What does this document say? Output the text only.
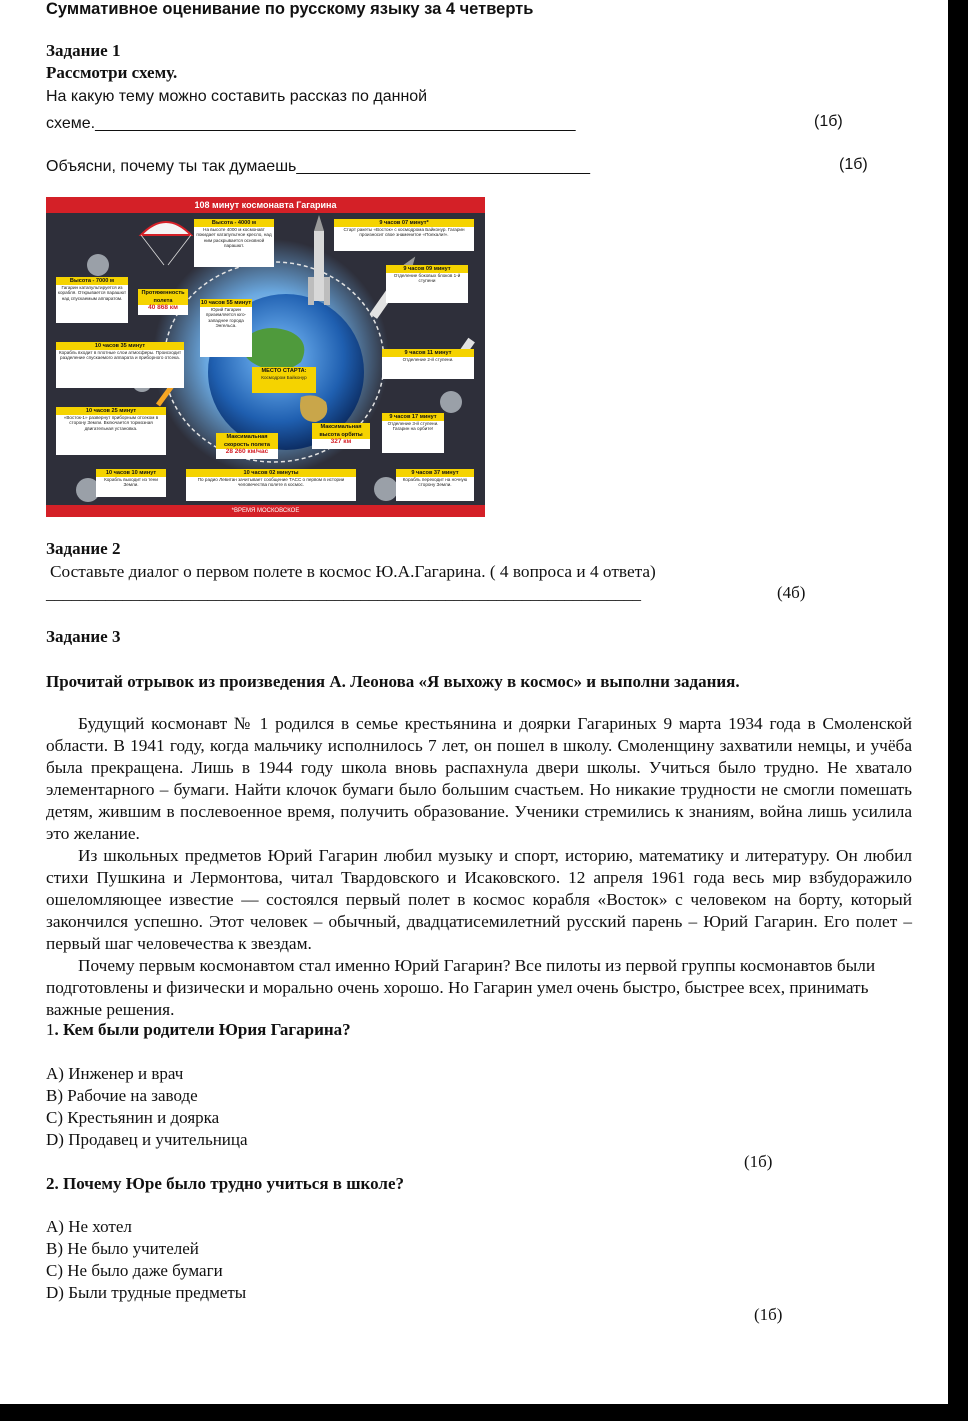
Суммативное оценивание по русскому языку за 4 четверть
Задание 1
Рассмотри схему.
На какую тему можно составить рассказ по данной
схеме.______________________________________________________	(1б)
Объясни, почему ты так думаешь_________________________________	(1б)
108 минут космонавта Гагарина
Высота - 4000 м
На высоте 4000 м космонавт покидает катапультное кресло, над ним раскрывается основной парашют.
9 часов 07 минут*
Старт ракеты «Восток» с космодрома Байконур. Гагарин произносит свое знаменитое «Поехали!».
Высота - 7000 м
Гагарин катапультируется из корабля. Открывается парашют над спускаемым аппаратом.
9 часов 09 минут
Отделение боковых блоков 1-й ступени
Протяженность полета
40 868 км
10 часов 55 минут
Юрий Гагарин приземляется юго-западнее города Энгельса.
10 часов 35 минут
Корабль входит в плотные слои атмосферы. Происходит разделение спускаемого аппарата и приборного отсека.
9 часов 11 минут
Отделение 2-й ступени.
МЕСТО СТАРТА:
Космодром Байконур
10 часов 25 минут
«Восток-1» развернут приборным отсеком в сторону Земли. Включается тормозная двигательная установка.
Максимальная скорость полета
28 260 км/час
Максимальная высота орбиты
327 км
9 часов 17 минут
Отделение 3-й ступени. Гагарин на орбите!
10 часов 10 минут
Корабль выходит из тени Земли.
10 часов 02 минуты
По радио Левитан зачитывает сообщение ТАСС о первом в истории человечества полете в космос.
9 часов 37 минут
Корабль переходит на ночную сторону Земли.
*ВРЕМЯ МОСКОВСКОЕ
Задание 2
Составьте диалог о первом полете в космос Ю.А.Гагарина. ( 4 вопроса и 4 ответа)
______________________________________________________________________	(4б)
Задание 3
Прочитай отрывок из произведения А. Леонова «Я выхожу в космос» и выполни задания.

Будущий космонавт № 1 родился в семье крестьянина и доярки Гагариных 9 марта 1934 года в Смоленской области. В 1941 году, когда мальчику исполнилось 7 лет, он пошел в школу. Смоленщину захватили немцы, и учёба была прекращена. Лишь в 1944 году школа вновь распахнула двери школы. Учиться было трудно. Не хватало элементарного – бумаги. Найти клочок бумаги было большим счастьем. Но никакие трудности не смогли помешать детям, жившим в послевоенное время, получить образование. Ученики стремились к знаниям, война лишь усилила это желание.

Из школьных предметов Юрий Гагарин любил музыку и спорт, историю, математику и литературу. Он любил стихи Пушкина и Лермонтова, читал Твардовского и Исаковского. 12 апреля 1961 года весь мир взбудоражило ошеломляющее известие — состоялся первый полет в космос корабля «Восток» с человеком на борту, который закончился успешно. Этот человек – обычный, двадцатисемилетний русский парень – Юрий Гагарин. Его полет – первый шаг человечества к звездам.

Почему первым космонавтом стал именно Юрий Гагарин? Все пилоты из первой группы космонавтов были подготовлены и физически и морально очень хорошо. Но Гагарин умел очень быстро, быстрее всех, принимать важные решения.

1. Кем были родители Юрия Гагарина?
A) Инженер и врач
B) Рабочие на заводе
C) Крестьянин и доярка
D) Продавец и учительница
(1б)
2. Почему Юре было трудно учиться в школе?
A) Не хотел
B) Не было учителей
C) Не было даже бумаги
D) Были трудные предметы
(1б)
